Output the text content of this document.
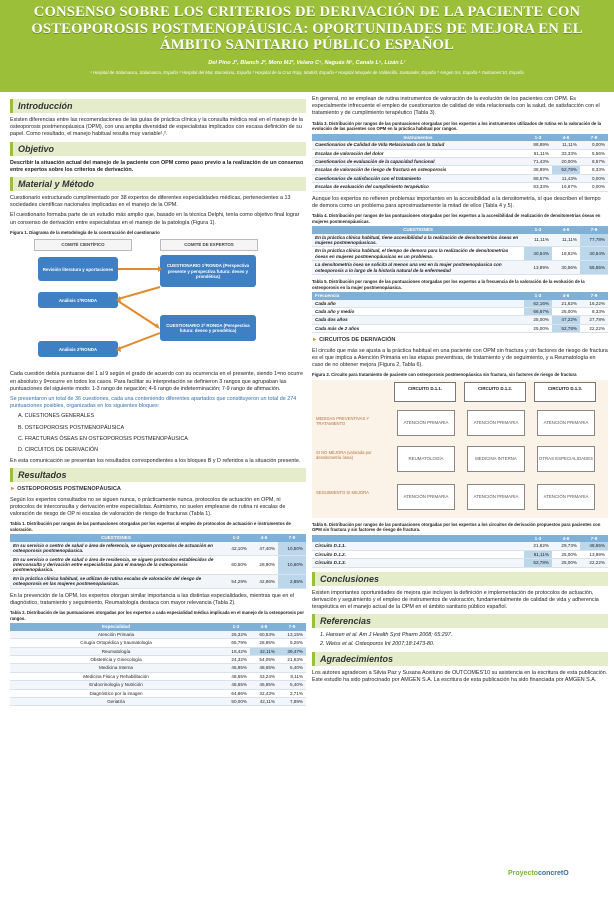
CONSENSO SOBRE LOS CRITERIOS DE DERIVACIÓN DE LA PACIENTE CON OSTEOPOROSIS POSTMENOPÁUSICA: OPORTUNIDADES DE MEJORA EN EL ÁMBITO SANITARIO PÚBLICO ESPAÑOL
Del Pino J¹, Blanch J², Moro MJ³, Velaro C⁴, Naguás N⁵, Canals L⁶, Lizán L⁷
¹ Hospital de Salamanca, Salamanca, España ² Hospital del Mar, Barcelona, España ³ Hospital de la Cruz Roja, Madrid, España ⁴ Hospital Marqués de Valdecilla, Santander, España ⁵ Amgen SA, España ⁶ Outcomes'10, España
Introducción

Existen diferencias entre las recomendaciones de las guías de práctica clínica y la consulta médica real en el manejo de la osteoporosis postmenopáusica (OPM), con una amplia diversidad de especialistas implicados con escasa definición de su papel. Como resultado, el manejo habitual resulta muy variable¹,².

Objetivo

Describir la situación actual del manejo de la paciente con OPM como paso previo a la realización de un consenso entre expertos sobre los criterios de derivación.

Material y Método

Cuestionario estructurado cumplimentado por 38 expertos de diferentes especialidades médicas, pertenecientes a 13 sociedades científicas nacionales implicadas en el manejo de la OPM.

El cuestionario formaba parte de un estudio más amplio que, basado en la técnica Delphi, tenía como objetivo final lograr un consenso de derivación entre especialistas en el manejo de la patología (Figura 1).

Figura 1. Diagrama de la metodología de la construcción del cuestionario
COMITÉ CIENTÍFICO	COMITÉ DE EXPERTOS
Revisión literatura y aportaciones
CUESTIONARIO 1ªRONDA (Perspectiva presente y perspectiva futura: deseo y prondética)
Análisis 1ªRONDA
CUESTIONARIO 2ª RONDA (Perspectiva futura: deseo y prondética)
Análisis 2ªRONDA

Cada cuestión debía puntuarse del 1 al 9 según el grado de acuerdo con su ocurrencia en el presente, siendo 1=no ocurre en absoluto y 9=ocurre en todos los casos. Para facilitar su interpretación se definieron 3 rangos que agrupaban las puntuaciones del siguiente modo: 1-3 rango de negación; 4-6 rango de indeterminación; 7-9 rango de afirmación.

Se presentaron un total de 36 cuestiones, cada una conteniendo diferentes apartados que constituyeron un total de 274 puntuaciones posibles, organizadas en los siguientes bloques:

A. CUESTIONES GENERALES
B. OSTEOPOROSIS POSTMENOPÁUSICA
C. FRACTURAS ÓSEAS EN OSTEOPOROSIS POSTMENOPÁUSICA
D. CIRCUITOS DE DERIVACIÓN

En esta comunicación se presentan los resultados correspondientes a los bloques B y D referidos a la situación presente.

Resultados
► OSTEOPOROSIS POSTMENOPÁUSICA

Según los expertos consultados no se siguen nunca, o prácticamente nunca, protocolos de actuación en OPM, ni protocolos de interconsulta y derivación entre especialistas. Asimismo, no suelen emplearse de rutina ni escalas de valoración de riesgo de OP ni escalas de valoración de riesgo de fracturas (Tabla 1).

Tabla 1. Distribución por rangos de las puntuaciones otorgadas por los expertos al empleo de protocolos de actuación e instrumentos de valoración.
CUESTIONES	1-3	4-6	7-9
En su servicio o centro de salud o área de referencia, se siguen protocolos de actuación en osteoporosis postmenopáusica.	42,10%	47,40%	10,50%
En su servicio o centro de salud o área de residencia, se siguen protocolos establecidos de interconsulta y derivación entre especialistas para el manejo de la osteoporosis postmenopáusica.	60,50%	28,90%	10,60%
En la práctica clínica habitual, se utilizan de rutina escalas de valoración del riesgo de osteoporosis en las mujeres postmenopáusicas.	54,29%	42,86%	2,85%

En la prevención de la OPM, los expertos otorgan similar importancia a las distintas especialidades, mientras que en el diagnóstico, tratamiento y seguimiento, Reumatología destaca con mayor relevancia (Tabla 2).

Tabla 2. Distribución de las puntuaciones otorgadas por los expertos a cada especialidad médica implicada en el manejo de la osteoporosis por rangos.
Especialidad	1-3	4-6	7-9
Atención Primaria	26,32%	60,53%	13,15%
Cirugía Ortopédica y traumatología	65,79%	28,95%	5,26%
Reumatología	18,42%	42,11%	39,47%
Obstetricia y Ginecología	24,32%	54,05%	21,63%
Medicina Interna	45,95%	48,65%	5,40%
Medicina Física y Rehabilitación	48,65%	43,24%	8,11%
Endocrinología y Nutrición	48,65%	45,95%	5,40%
Diagnóstico por la imagen	64,86%	32,43%	2,71%
Geriatría	50,00%	42,11%	7,89%

En general, no se emplean de rutina instrumentos de valoración de la evolución de los pacientes con OPM. Es especialmente infrecuente el empleo de cuestionarios de calidad de vida relacionada con la salud, de satisfacción con el tratamiento y de cumplimiento terapéutico (Tabla 3).

Tabla 3. Distribución por rangos de las puntuaciones otorgadas por los expertos a los instrumentos utilizados de rutina en la valoración de la evolución de las pacientes con OPM en la práctica habitual por rangos.
Instrumentos	1-3	4-6	7-9
Cuestionarios de Calidad de Vida Relacionada con la Salud	88,89%	11,11%	0,00%
Escalas de valoración del dolor	61,11%	33,33%	5,56%
Cuestionarios de evaluación de la capacidad funcional	71,43%	20,00%	8,57%
Escalas de valoración de riesgo de fractura en osteoporosis	38,89%	52,78%	8,33%
Cuestionarios de satisfacción con el tratamiento	88,57%	11,43%	0,00%
Escalas de evaluación del cumplimiento terapéutico	83,33%	16,67%	0,00%

Aunque los expertos no refieren problemas importantes en la accesibilidad a la densitometría, sí que describen el tiempo de demora como un problema para aproximadamente la mitad de ellos (Tabla 4 y 5).

Tabla 4. Distribución por rangos de las puntuaciones otorgadas por los expertos a la accesibilidad de realización de densitometrías óseas en mujeres postmenopáusicas.
CUESTIONES	1-3	4-6	7-9
En la práctica clínica habitual, tiene accesibilidad a la realización de densitometrías óseas en mujeres postmenopáusicas.	11,11%	11,11%	77,78%
En la práctica clínica habitual, el tiempo de demora para la realización de densitometrías óseas en mujeres postmenopáusicas es un problema.	40,54%	18,92%	40,54%
La densitometría ósea se solicita al menos una vez en la mujer postmenopáusica con osteoporosis a lo largo de la historia natural de la enfermedad	13,89%	30,56%	55,55%
Tabla 5. Distribución por rangos de las puntuaciones otorgadas por los expertos a la frecuencia de la valoración de la evolución de la osteoporosis en la mujer postmenopáusica.
Frecuencia	1-3	4-6	7-9
Cada año	62,16%	21,62%	16,22%
Cada año y medio	66,67%	25,00%	8,33%
Cada dos años	25,00%	47,22%	27,78%
Cada más de 2 años	25,00%	52,78%	22,22%
► CIRCUITOS DE DERIVACIÓN

El circuito que más se ajusta a la práctica habitual en una paciente con OPM sin fractura y sin factores de riesgo de fractura es el que implica a Atención Primaria en las etapas preventivas, de tratamiento y de seguimiento, y a Reumatología en caso de no obtener mejora (Figura 2, Tabla 6).

Figura 2. Circuito para tratamiento de paciente con osteoporosis postmenopáusica sin fractura, sin factores de riesgo de fractura
CIRCUITO D.1.1.	CIRCUITO D.1.2.	CIRCUITO D.1.3.
MEDIDAS PREVENTIVAS Y TRATAMIENTO
SI NO MEJORA (valorada por densitometría ósea)
SEGUIMIENTO SI MEJORA
ATENCIÓN PRIMARIA	ATENCIÓN PRIMARIA	ATENCIÓN PRIMARIA
REUMATOLOGÍA	MEDICINA INTERNA	OTRAS ESPECIALIDADES
ATENCIÓN PRIMARIA	ATENCIÓN PRIMARIA	ATENCIÓN PRIMARIA
Tabla 6. Distribución por rangos de las puntuaciones otorgadas por los expertos a los circuitos de derivación propuestos para pacientes con OPM sin fractura y sin factores de riesgo de fractura.
	1-3	4-6	7-9
Circuito D.1.1.	21,62%	29,73%	48,65%
Circuito D.1.2.	61,11%	25,00%	13,89%
Circuito D.1.3.	52,78%	25,00%	22,22%
Conclusiones

Existen importantes oportunidades de mejora que incluyen la definición e implementación de protocolos de actuación, derivación y seguimiento y el empleo de instrumentos de valoración, fundamentalmente de calidad de vida y adherencia terapéutica en el manejo actual de la OPM en el ámbito sanitario público español.

Referencias
1. Hansen et al. Am J Health Syst Pharm 2008; 65:297.
2. Weiss et al. Osteoporos Int 2007;18:1473-80.
Agradecimientos

Los autores agradecen a Silvia Paz y Susana Aceituno de OUTCOMES'10 su asistencia en la escritura de esta publicación.

Este estudio ha sido patrocinado por AMGEN S.A. La escritura de esta publicación ha sido financiada por AMGEN S.A.

ProyectoconcretO
